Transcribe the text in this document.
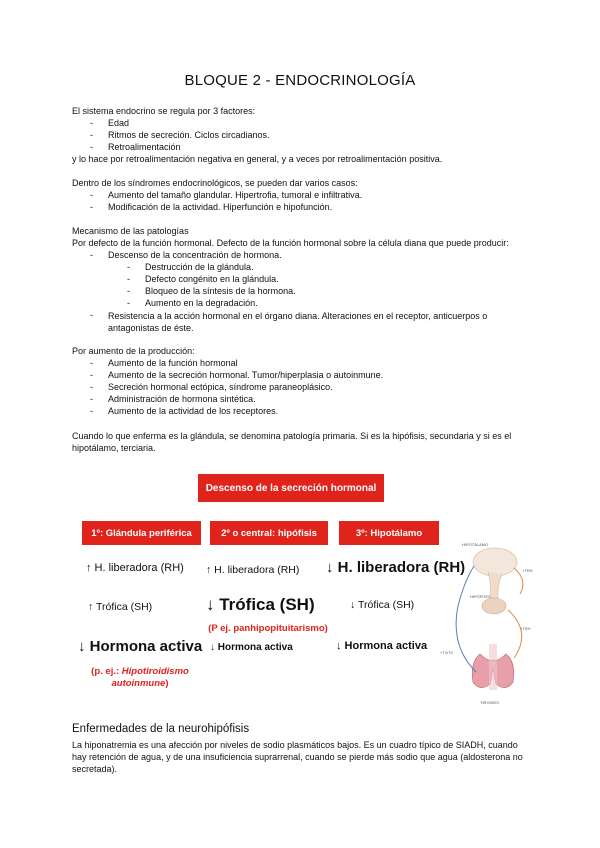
BLOQUE 2 - ENDOCRINOLOGÍA
El sistema endocrino se regula por 3 factores:
- Edad
- Ritmos de secreción. Ciclos circadianos.
- Retroalimentación
y lo hace por retroalimentación negativa en general, y a veces por retroalimentación positiva.
Dentro de los síndromes endocrinológicos, se pueden dar varios casos:
- Aumento del tamaño glandular. Hipertrofia, tumoral e infiltrativa.
- Modificación de la actividad. Hiperfunción e hipofunción.
Mecanismo de las patologías
Por defecto de la función hormonal. Defecto de la función hormonal sobre la célula diana que puede producir:
- Descenso de la concentración de hormona.
- Destrucción de la glándula.
- Defecto congénito en la glándula.
- Bloqueo de la síntesis de la hormona.
- Aumento en la degradación.
- Resistencia a la acción hormonal en el órgano diana. Alteraciones en el receptor, anticuerpos o antagonistas de éste.
Por aumento de la producción:
- Aumento de la función hormonal
- Aumento de la secreción hormonal. Tumor/hiperplasia o autoinmune.
- Secreción hormonal ectópica, síndrome paraneoplásico.
- Administración de hormona sintética.
- Aumento de la actividad de los receptores.
Cuando lo que enferma es la glándula, se denomina patología primaria. Si es la hipófisis, secundaria y si es el hipotálamo, terciaria.
Descenso de la secreción hormonal
1º: Glándula periférica	2º o central: hipófisis	3º: Hipotálamo
↑ H. liberadora (RH) ↑ H. liberadora (RH) ↓ H. liberadora (RH)
↑ Trófica (SH)	↓ Trófica (SH)	↓ Trófica (SH)
(P ej. panhipopituitarismo)
↓ Hormona activa ↓ Hormona activa	↓ Hormona activa
(p. ej.: Hipotiroidismo autoinmune)
HIPOTÁLAMO
+TRH
HIPÓFISIS
+TSH
+T3/T4
TIROIDES
Enfermedades de la neurohipófisis
La hiponatremia es una afección por niveles de sodio plasmáticos bajos. Es un cuadro típico de SIADH, cuando hay retención de agua, y de una insuficiencia suprarrenal, cuando se pierde más sodio que agua (aldosterona no secretada).
